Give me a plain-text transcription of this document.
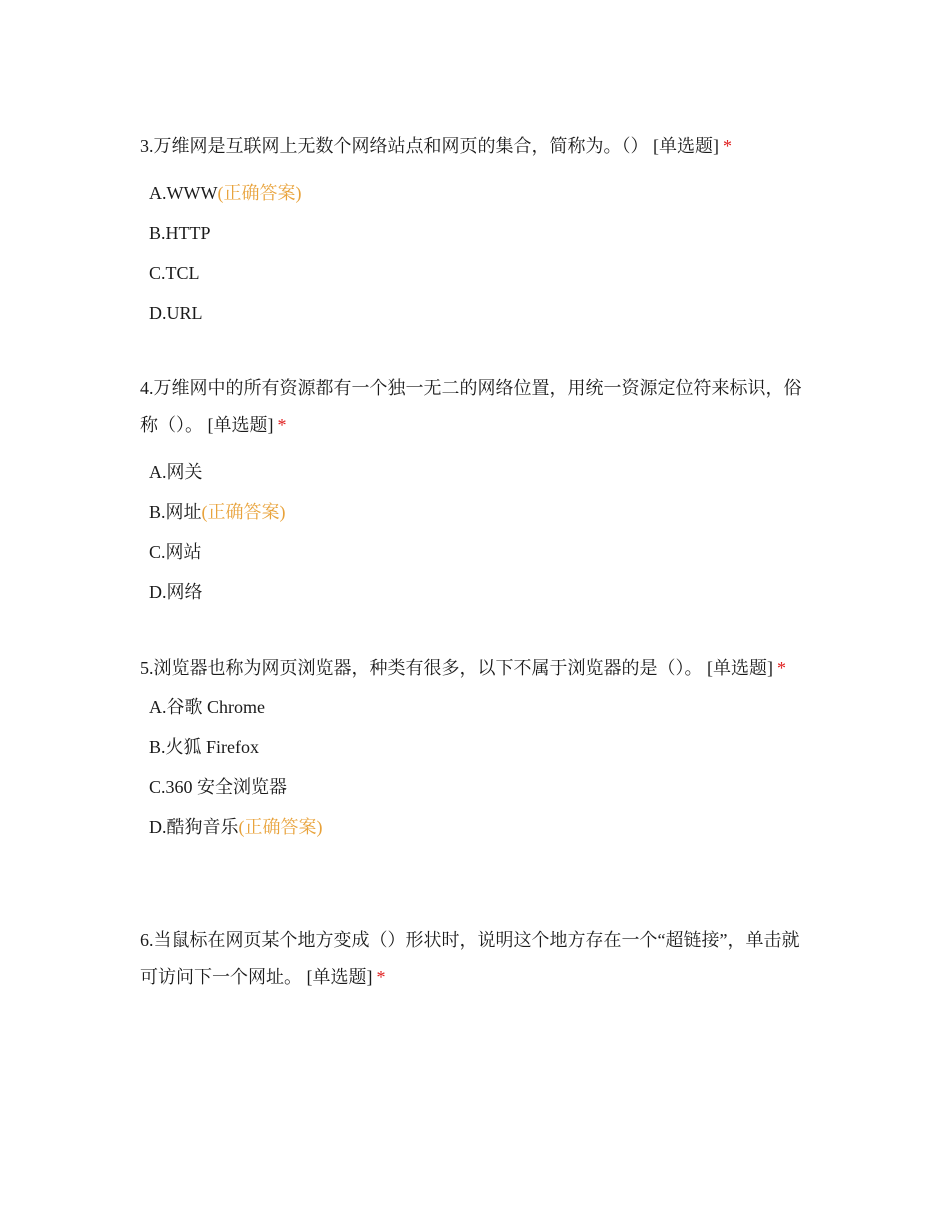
3.万维网是互联网上无数个网络站点和网页的集合，简称为。（） [单选题] *

A.WWW(正确答案)
B.HTTP
C.TCL
D.URL

4.万维网中的所有资源都有一个独一无二的网络位置，用统一资源定位符来标识，俗称（）。 [单选题] *

A.网关
B.网址(正确答案)
C.网站
D.网络

5.浏览器也称为网页浏览器，种类有很多，以下不属于浏览器的是（）。 [单选题] *

A.谷歌 Chrome
B.火狐 Firefox
C.360 安全浏览器
D.酷狗音乐(正确答案)

6.当鼠标在网页某个地方变成（）形状时，说明这个地方存在一个“超链接”，单击就可访问下一个网址。 [单选题] *
